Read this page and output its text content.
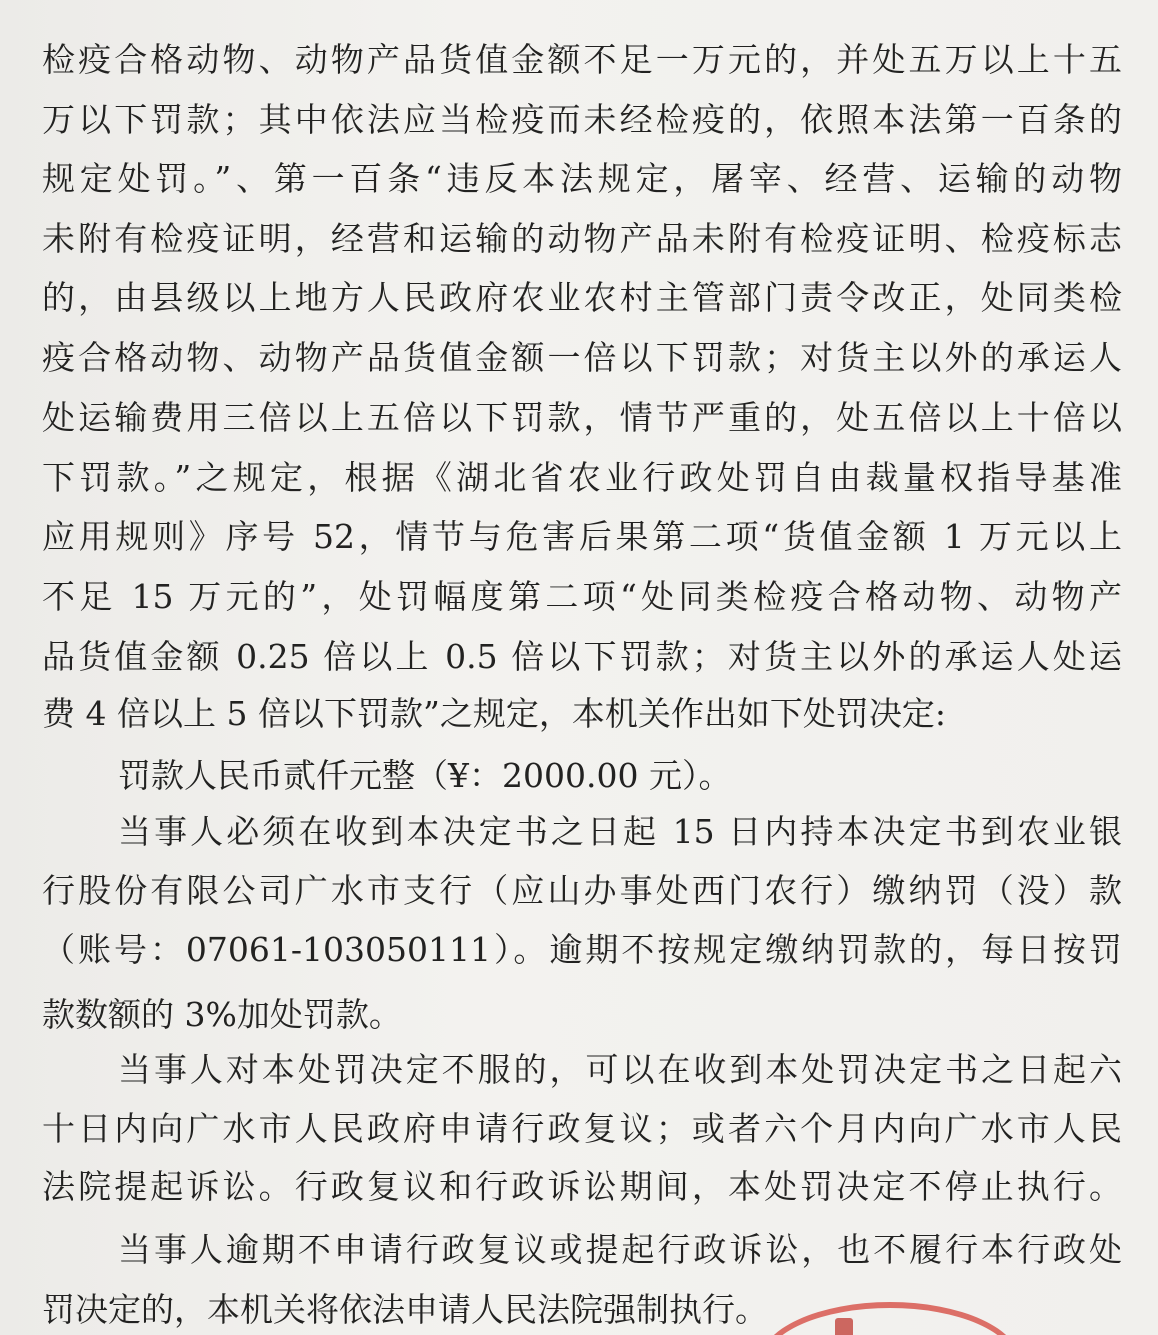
检疫合格动物、动物产品货值金额不足一万元的，并处五万以上十五
万以下罚款；其中依法应当检疫而未经检疫的，依照本法第一百条的
规定处罚。”、第一百条“违反本法规定，屠宰、经营、运输的动物
未附有检疫证明，经营和运输的动物产品未附有检疫证明、检疫标志
的，由县级以上地方人民政府农业农村主管部门责令改正，处同类检
疫合格动物、动物产品货值金额一倍以下罚款；对货主以外的承运人
处运输费用三倍以上五倍以下罚款，情节严重的，处五倍以上十倍以
下罚款。”之规定，根据《湖北省农业行政处罚自由裁量权指导基准
应用规则》序号 52，情节与危害后果第二项“货值金额 1 万元以上
不足 15 万元的”，处罚幅度第二项“处同类检疫合格动物、动物产
品货值金额 0.25 倍以上 0.5 倍以下罚款；对货主以外的承运人处运
费 4 倍以上 5 倍以下罚款”之规定，本机关作出如下处罚决定:
罚款人民币贰仟元整（¥：2000.00 元）。
当事人必须在收到本决定书之日起 15 日内持本决定书到农业银
行股份有限公司广水市支行（应山办事处西门农行）缴纳罚（没）款
（账号：07061-103050111）。逾期不按规定缴纳罚款的，每日按罚
款数额的 3%加处罚款。
当事人对本处罚决定不服的，可以在收到本处罚决定书之日起六
十日内向广水市人民政府申请行政复议；或者六个月内向广水市人民
法院提起诉讼。行政复议和行政诉讼期间，本处罚决定不停止执行。
当事人逾期不申请行政复议或提起行政诉讼，也不履行本行政处
罚决定的，本机关将依法申请人民法院强制执行。
